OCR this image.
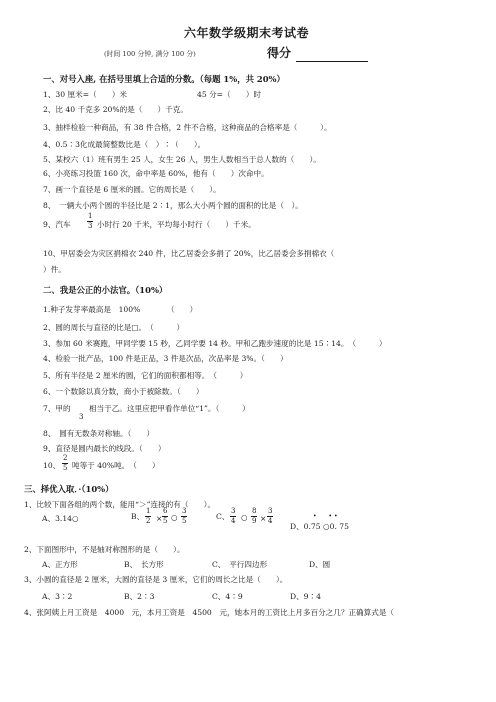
六年数学级期末考试卷
(时间 100 分钟, 满分 100 分)	得分
一、对号入座, 在括号里填上合适的分数。（每题 1%，共 20%）
1、30 厘米=（　　）米	45 分=（　　）时
2、比 40 千克多 20%的是（　　）千克。
3、抽样检验一种商品，有 38 件合格，2 件不合格，这种商品的合格率是（　　　）。
4、0.5∶3化成最简整数比是（　）∶（　　）。
5、某校六（1）班有男生 25 人，女生 26 人，男生人数相当于总人数的（　　）。
6、小亮练习投篮 160 次，命中率是 60%，他有（　　）次命中。
7、画一个直径是 6 厘米的圆。它的周长是（　　）。
8、　一辆大小两个圆的半径比是 2∶1，那么大小两个圆的面积的比是（　）。
9、汽车
1
3 小时行 20 千米，平均每小时行（　　）千米。
10、甲居委会为灾区捐棉衣 240 件，比乙居委会多捐了 20%，比乙居委会多捐棉衣（
）件。
二、我是公正的小法官。（10%）
1.种子发芽率最高是　100%　　　　（　　）
2、圆的周长与直径的比是□。　（　　　）
3、参加 60 米赛跑，甲同学要 15 秒，乙同学要 14 秒。甲和乙跑步速度的比是 15∶14。　（　　　）
4、检验一批产品，100 件是正品，3 件是次品，次品率是 3%。（　　）
5、所有半径是 2 厘米的圆，它们的面积都相等。　（　　　）
6、一个数除以真分数，商小于被除数。（　　）
7、甲的
3
相当于乙。这里应把甲看作单位“1”。（　　　）
8、　圆有无数条对称轴。（　　）
9、直径是圆内最长的线段。（　　）
10、
2
5 吨等于 40%吨。　（　　）
三、择优入取．·（10%）
1、比较下面各组的两个数，能用“＞”连接的有（　　）。
A、3.14○	B、
1
2 ×
6
5 ○
3
5	C、
3
4 ○
8
9 ×
3
4
•　　• •
D、0.75 ○0. 75
2、下面图形中，不是轴对称图形的是（　　）。
A、正方形	B、　长方形	C、　平行四边形	D、圆
3、小圆的直径是 2 厘米，大圆的直径是 3 厘米，它们的周长之比是（　　）。
A、3∶2	B、2∶3	C、4∶9	D、9∶4
4、张阿姨上月工资是　4000　元，本月工资是　4500　元，她本月的工资比上月多百分之几？正确算式是（
